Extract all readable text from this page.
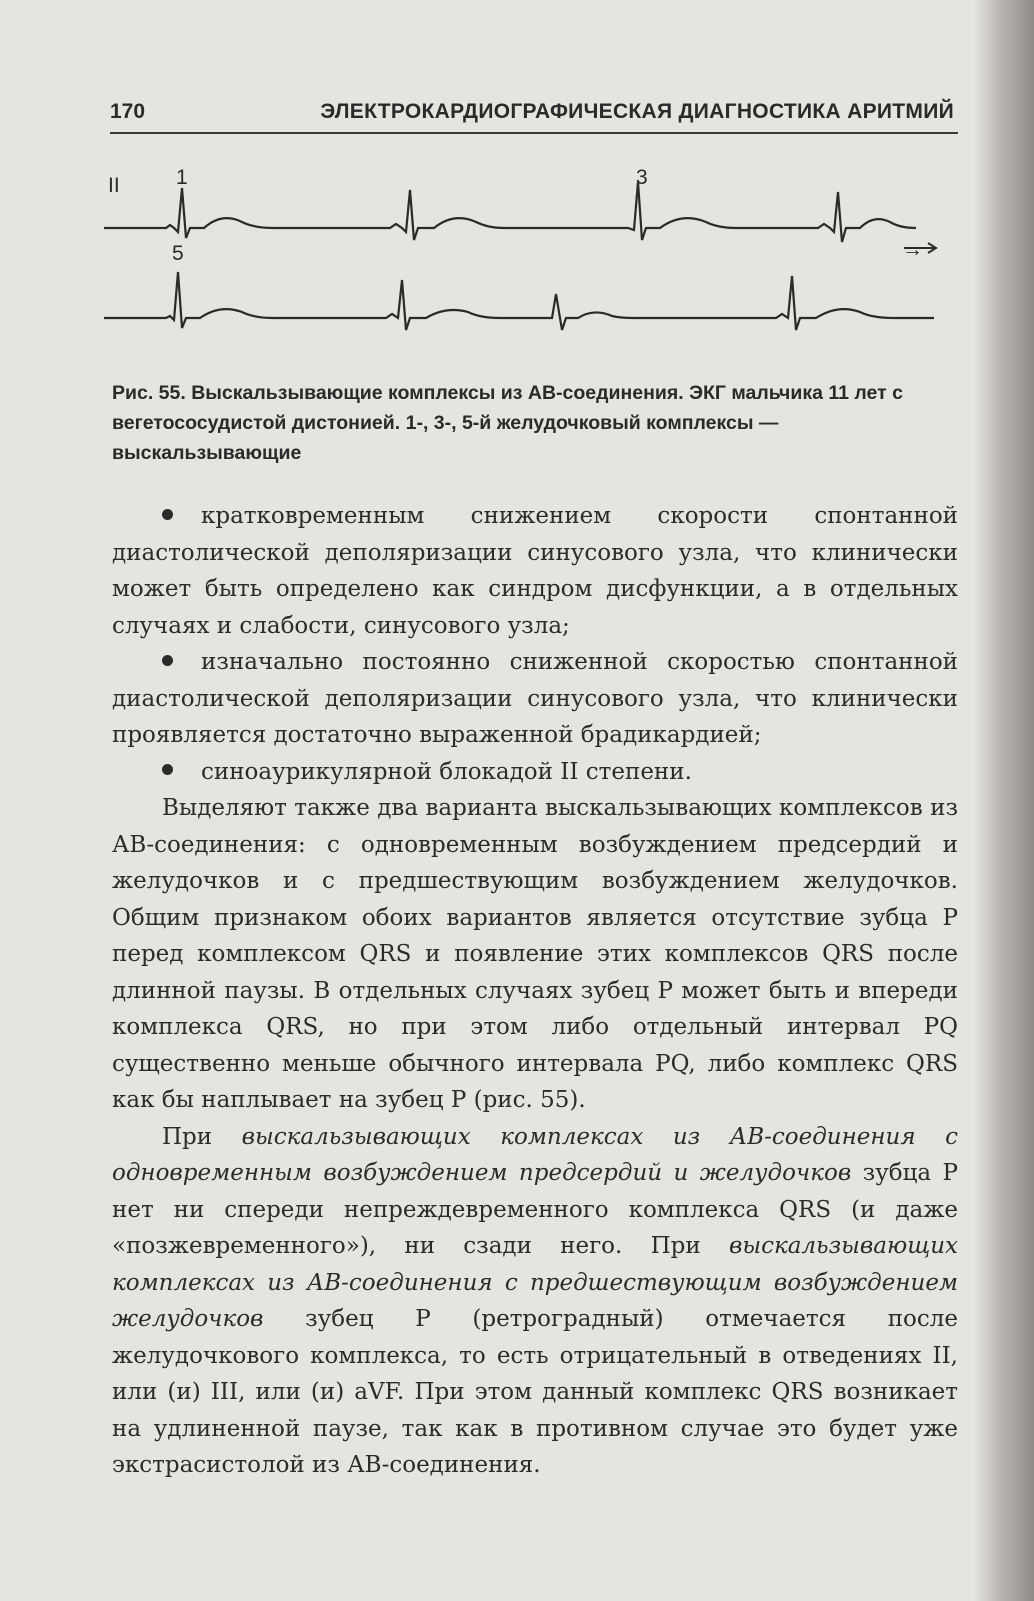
170	ЭЛЕКТРОКАРДИОГРАФИЧЕСКАЯ ДИАГНОСТИКА АРИТМИЙ
II	1	3
5	→
Рис. 55. Выскальзывающие комплексы из АВ-соединения. ЭКГ мальчика 11 лет с вегетососудистой дистонией. 1-, 3-, 5-й желудочковый комплексы — выскальзывающие

кратковременным снижением скорости спонтанной диастолической деполяризации синусового узла, что клинически может быть определено как синдром дисфункции, а в отдельных случаях и слабости, синусового узла;

изначально постоянно сниженной скоростью спонтанной диастолической деполяризации синусового узла, что клинически проявляется достаточно выраженной брадикардией;

синоаурикулярной блокадой II степени.

Выделяют также два варианта выскальзывающих комплексов из АВ-соединения: с одновременным возбуждением предсердий и желудочков и с предшествующим возбуждением желудочков. Общим признаком обоих вариантов является отсутствие зубца Р перед комплексом QRS и появление этих комплексов QRS после длинной паузы. В отдельных случаях зубец Р может быть и впереди комплекса QRS, но при этом либо отдельный интервал PQ существенно меньше обычного интервала PQ, либо комплекс QRS как бы наплывает на зубец Р (рис. 55).

При выскальзывающих комплексах из АВ-соединения с одновременным возбуждением предсердий и желудочков зубца Р нет ни спереди непреждевременного комплекса QRS (и даже «позжевременного»), ни сзади него. При выскальзывающих комплексах из АВ-соединения с предшествующим возбуждением желудочков зубец Р (ретроградный) отмечается после желудочкового комплекса, то есть отрицательный в отведениях II, или (и) III, или (и) aVF. При этом данный комплекс QRS возникает на удлиненной паузе, так как в противном случае это будет уже экстрасистолой из АВ-соединения.
